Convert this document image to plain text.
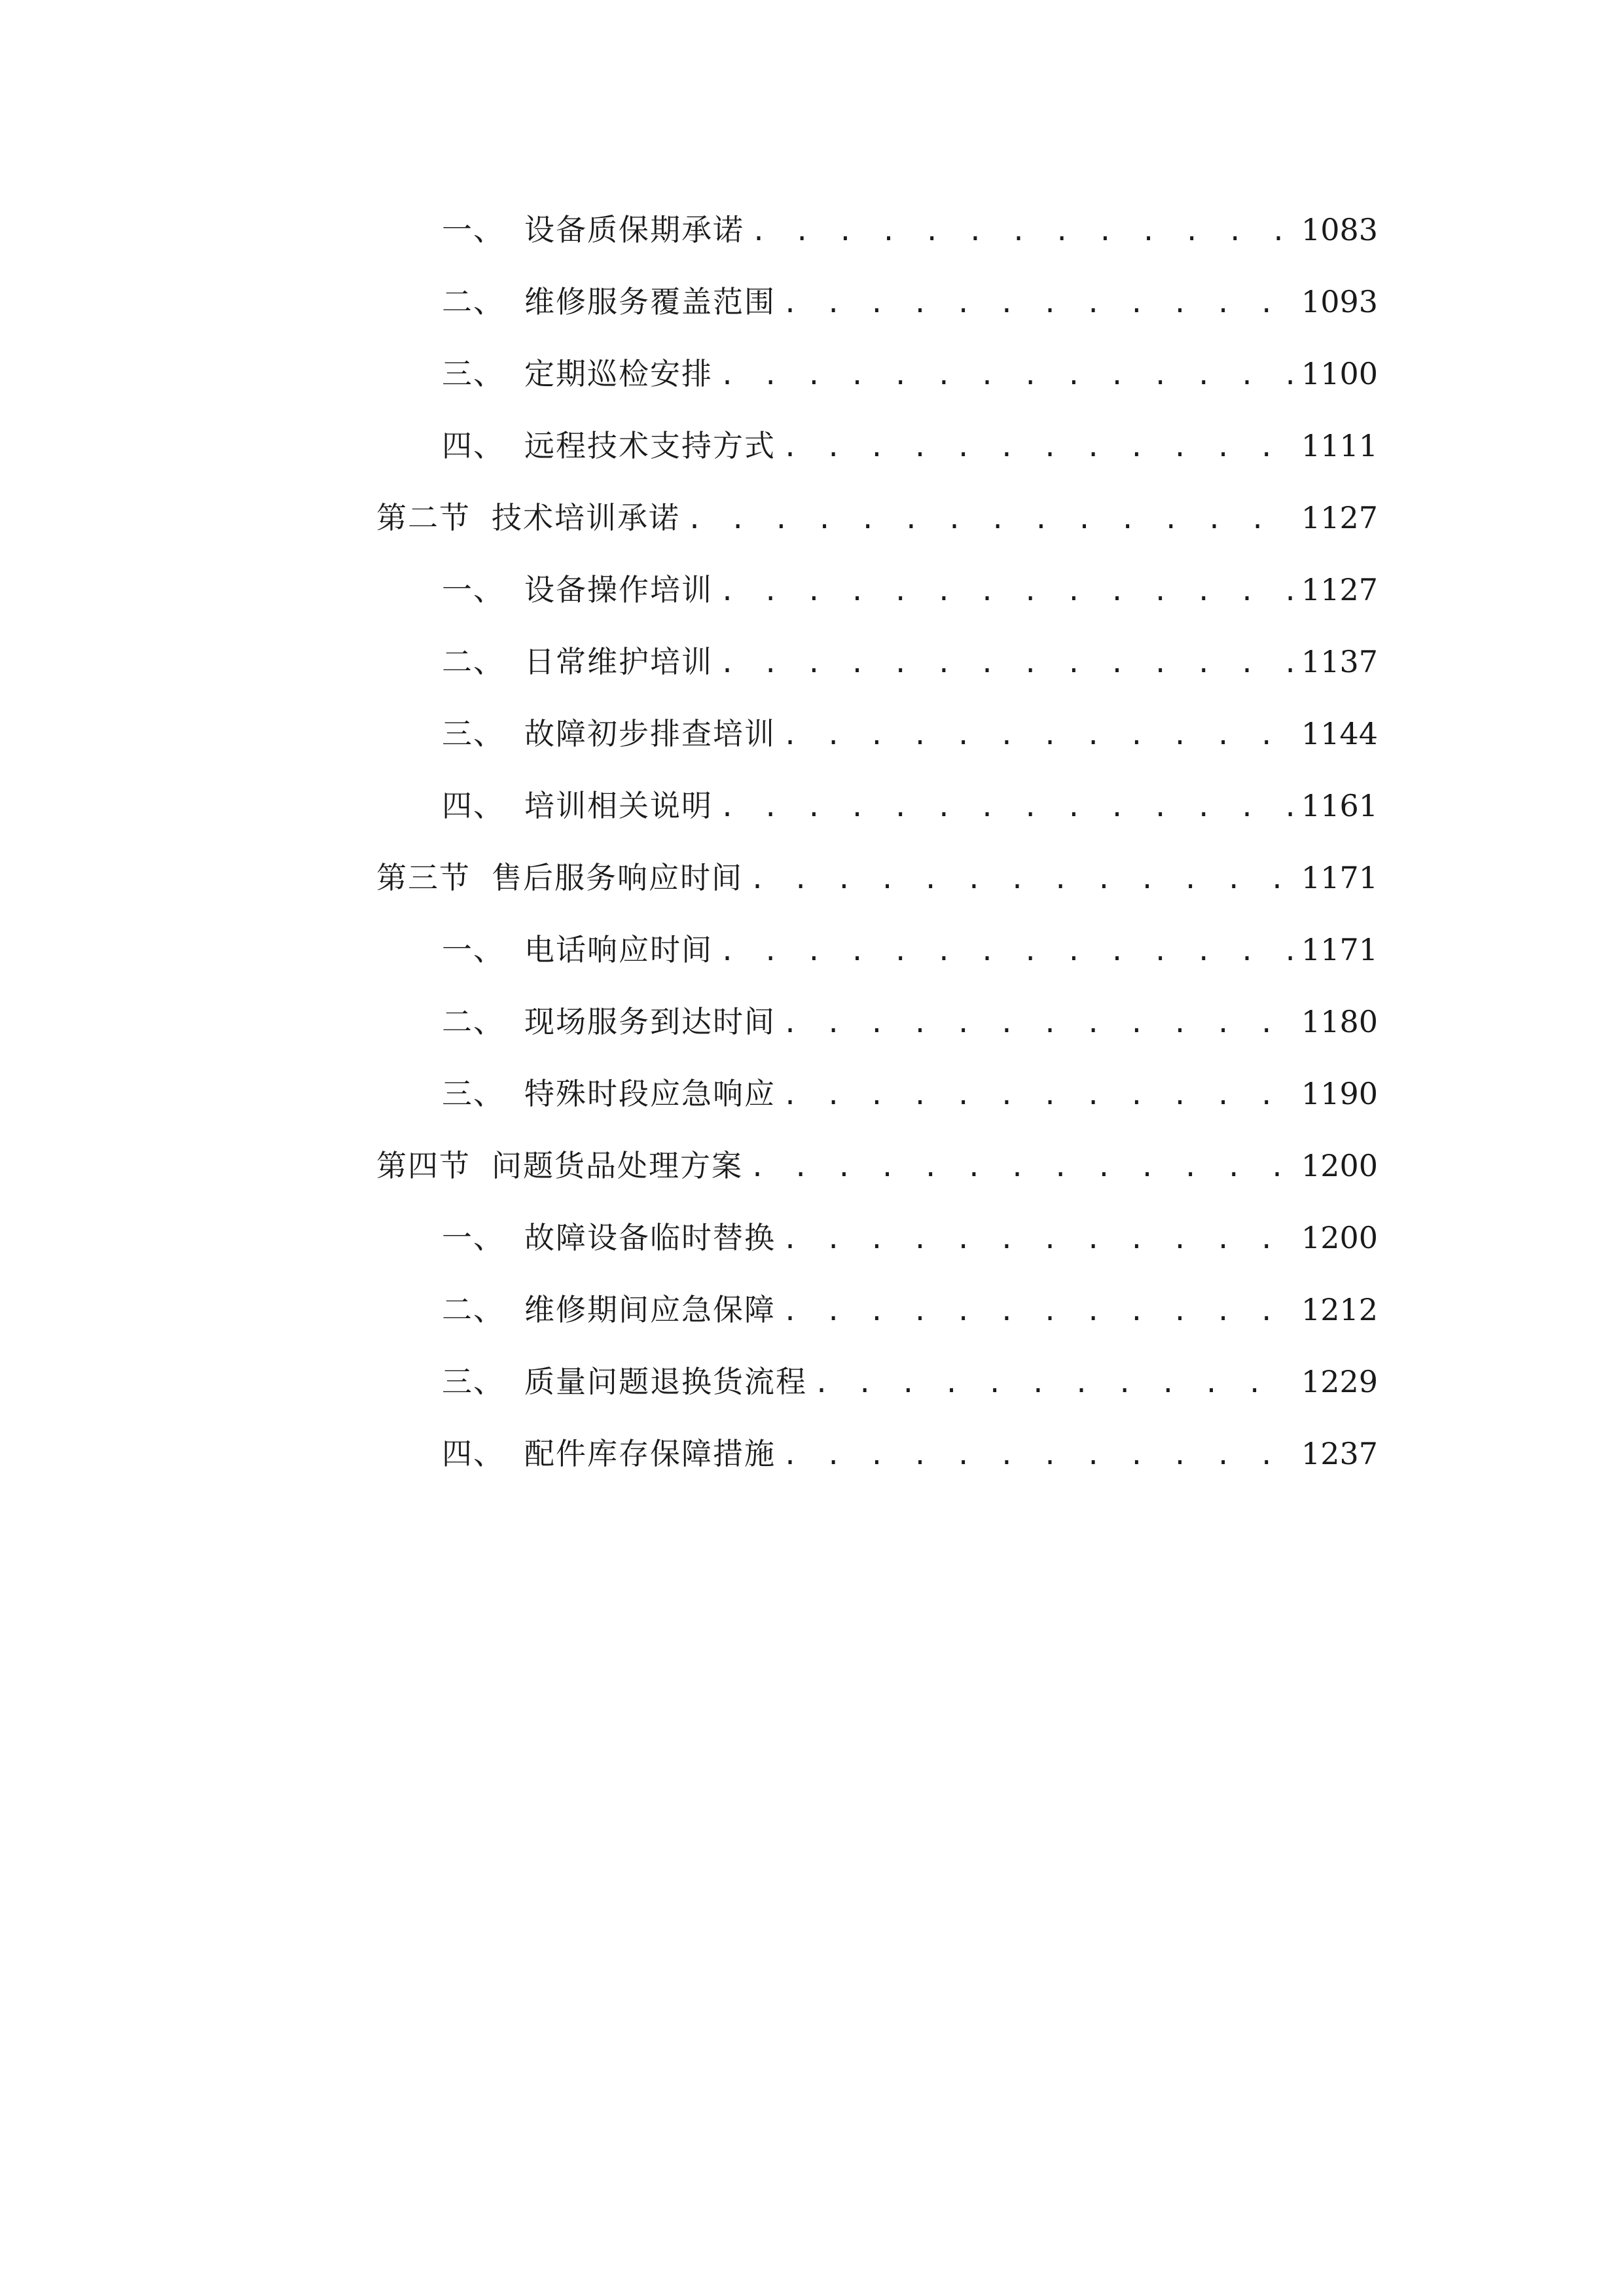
一、 设备质保期承诺 . . .	1083
二、 维修服务覆盖范围 . . .	1093
三、 定期巡检安排 . . .	1100
四、 远程技术支持方式 . . .	1111
第二节 技术培训承诺 . . .	1127
一、 设备操作培训 . . .	1127
二、 日常维护培训 . . .	1137
三、 故障初步排查培训 . . .	1144
四、 培训相关说明 . . .	1161
第三节 售后服务响应时间 . . .	1171
一、 电话响应时间 . . .	1171
二、 现场服务到达时间 . . .	1180
三、 特殊时段应急响应 . . .	1190
第四节 问题货品处理方案 . . .	1200
一、 故障设备临时替换 . . .	1200
二、 维修期间应急保障 . . .	1212
三、 质量问题退换货流程 . . .	1229
四、 配件库存保障措施 . . .	1237
